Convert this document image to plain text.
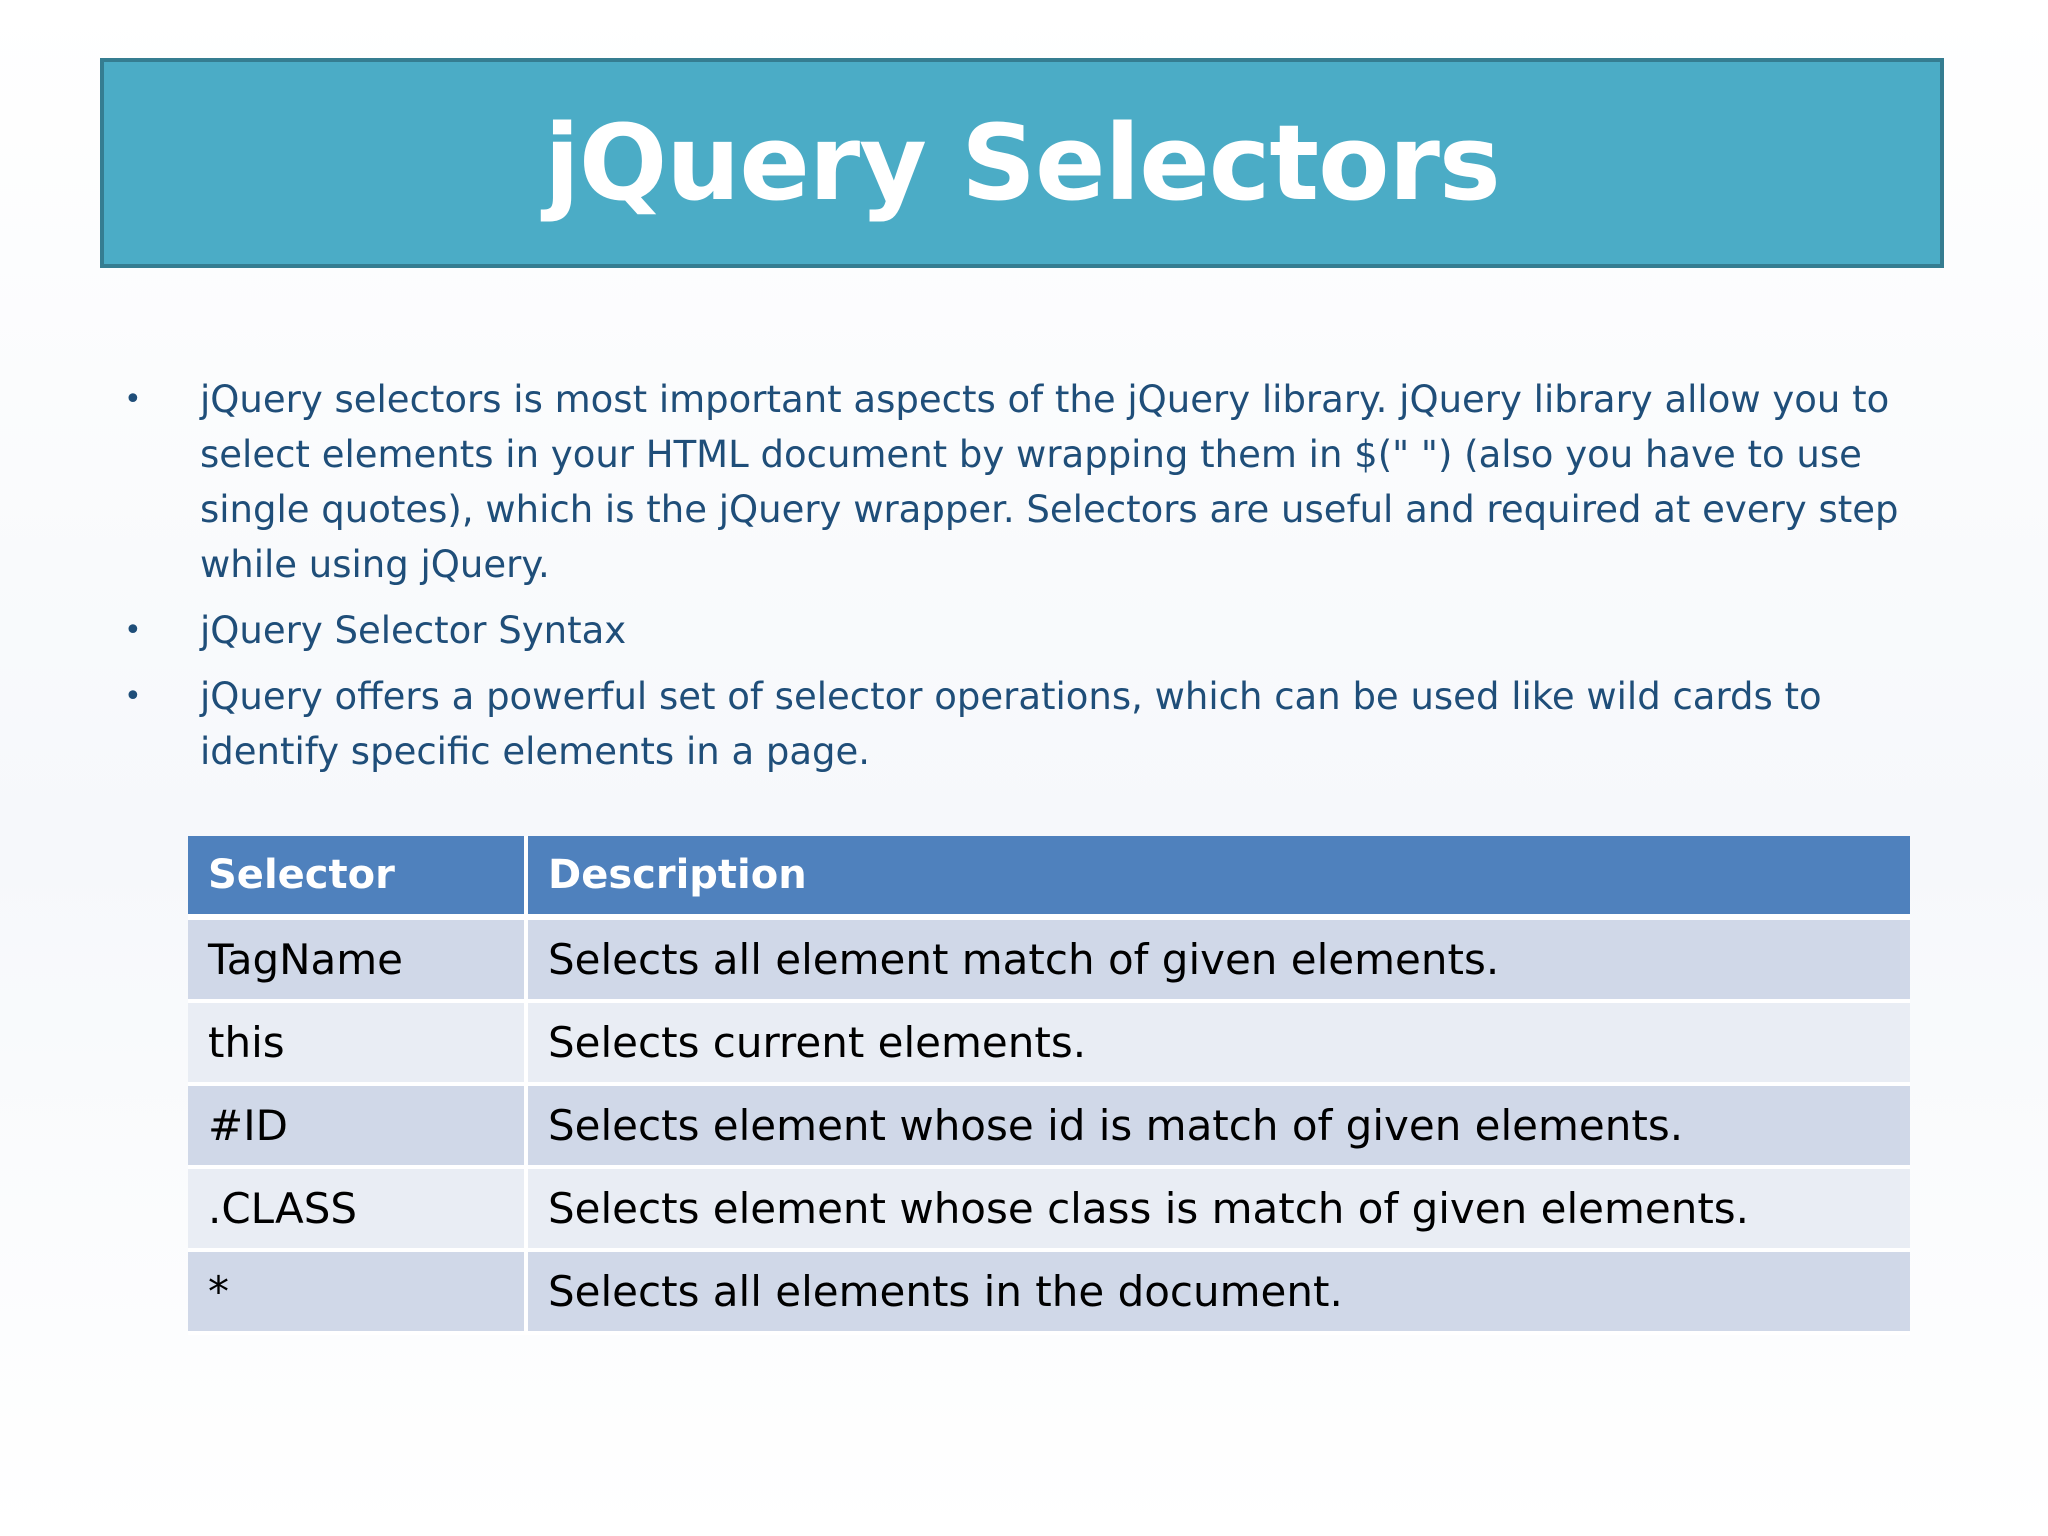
jQuery Selectors
• jQuery selectors is most important aspects of the jQuery library. jQuery library allow you to select elements in your HTML document by wrapping them in $(" ") (also you have to use single quotes), which is the jQuery wrapper. Selectors are useful and required at every step while using jQuery.
• jQuery Selector Syntax
• jQuery offers a powerful set of selector operations, which can be used like wild cards to identify specific elements in a page.
Selector	Description
TagName	Selects all element match of given elements.
this	Selects current elements.
#ID	Selects element whose id is match of given elements.
.CLASS	Selects element whose class is match of given elements.
*	Selects all elements in the document.
